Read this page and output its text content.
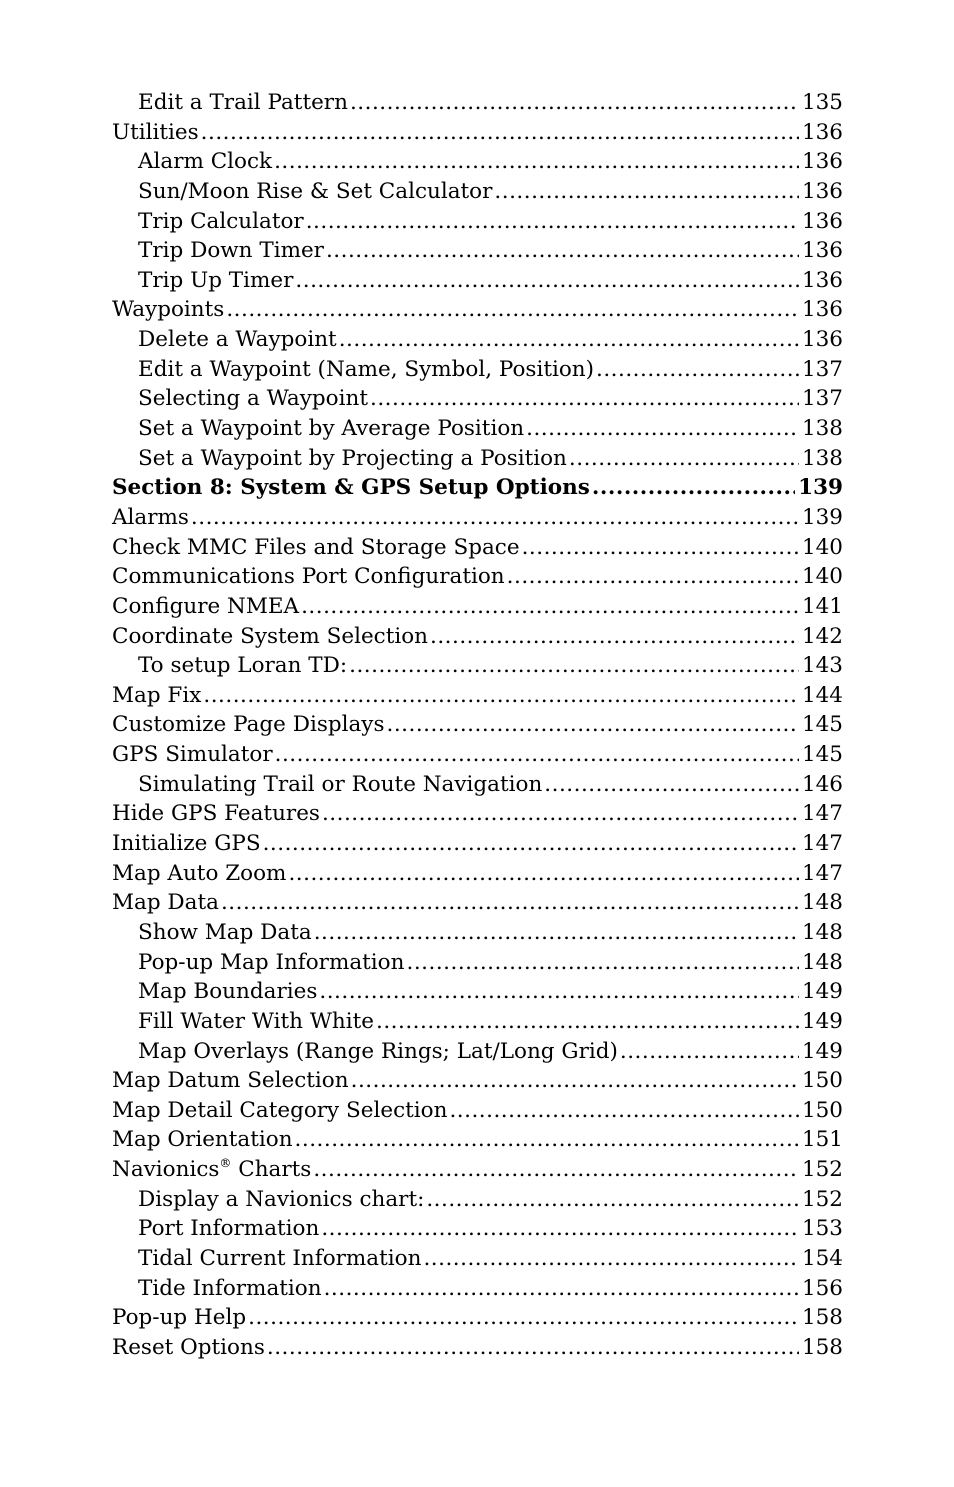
Edit a Trail Pattern .....	135
Utilities .....	136
Alarm Clock .....	136
Sun/Moon Rise & Set Calculator .....	136
Trip Calculator .....	136
Trip Down Timer .....	136
Trip Up Timer .....	136
Waypoints .....	136
Delete a Waypoint .....	136
Edit a Waypoint (Name, Symbol, Position) .....	137
Selecting a Waypoint .....	137
Set a Waypoint by Average Position .....	138
Set a Waypoint by Projecting a Position .....	138
Section 8: System & GPS Setup Options .....	139
Alarms .....	139
Check MMC Files and Storage Space .....	140
Communications Port Configuration .....	140
Configure NMEA .....	141
Coordinate System Selection .....	142
To setup Loran TD: .....	143
Map Fix .....	144
Customize Page Displays .....	145
GPS Simulator .....	145
Simulating Trail or Route Navigation .....	146
Hide GPS Features .....	147
Initialize GPS .....	147
Map Auto Zoom .....	147
Map Data .....	148
Show Map Data .....	148
Pop-up Map Information .....	148
Map Boundaries .....	149
Fill Water With White .....	149
Map Overlays (Range Rings; Lat/Long Grid) .....	149
Map Datum Selection .....	150
Map Detail Category Selection .....	150
Map Orientation .....	151
Navionics® Charts .....	152
Display a Navionics chart: .....	152
Port Information .....	153
Tidal Current Information .....	154
Tide Information .....	156
Pop-up Help .....	158
Reset Options .....	158
